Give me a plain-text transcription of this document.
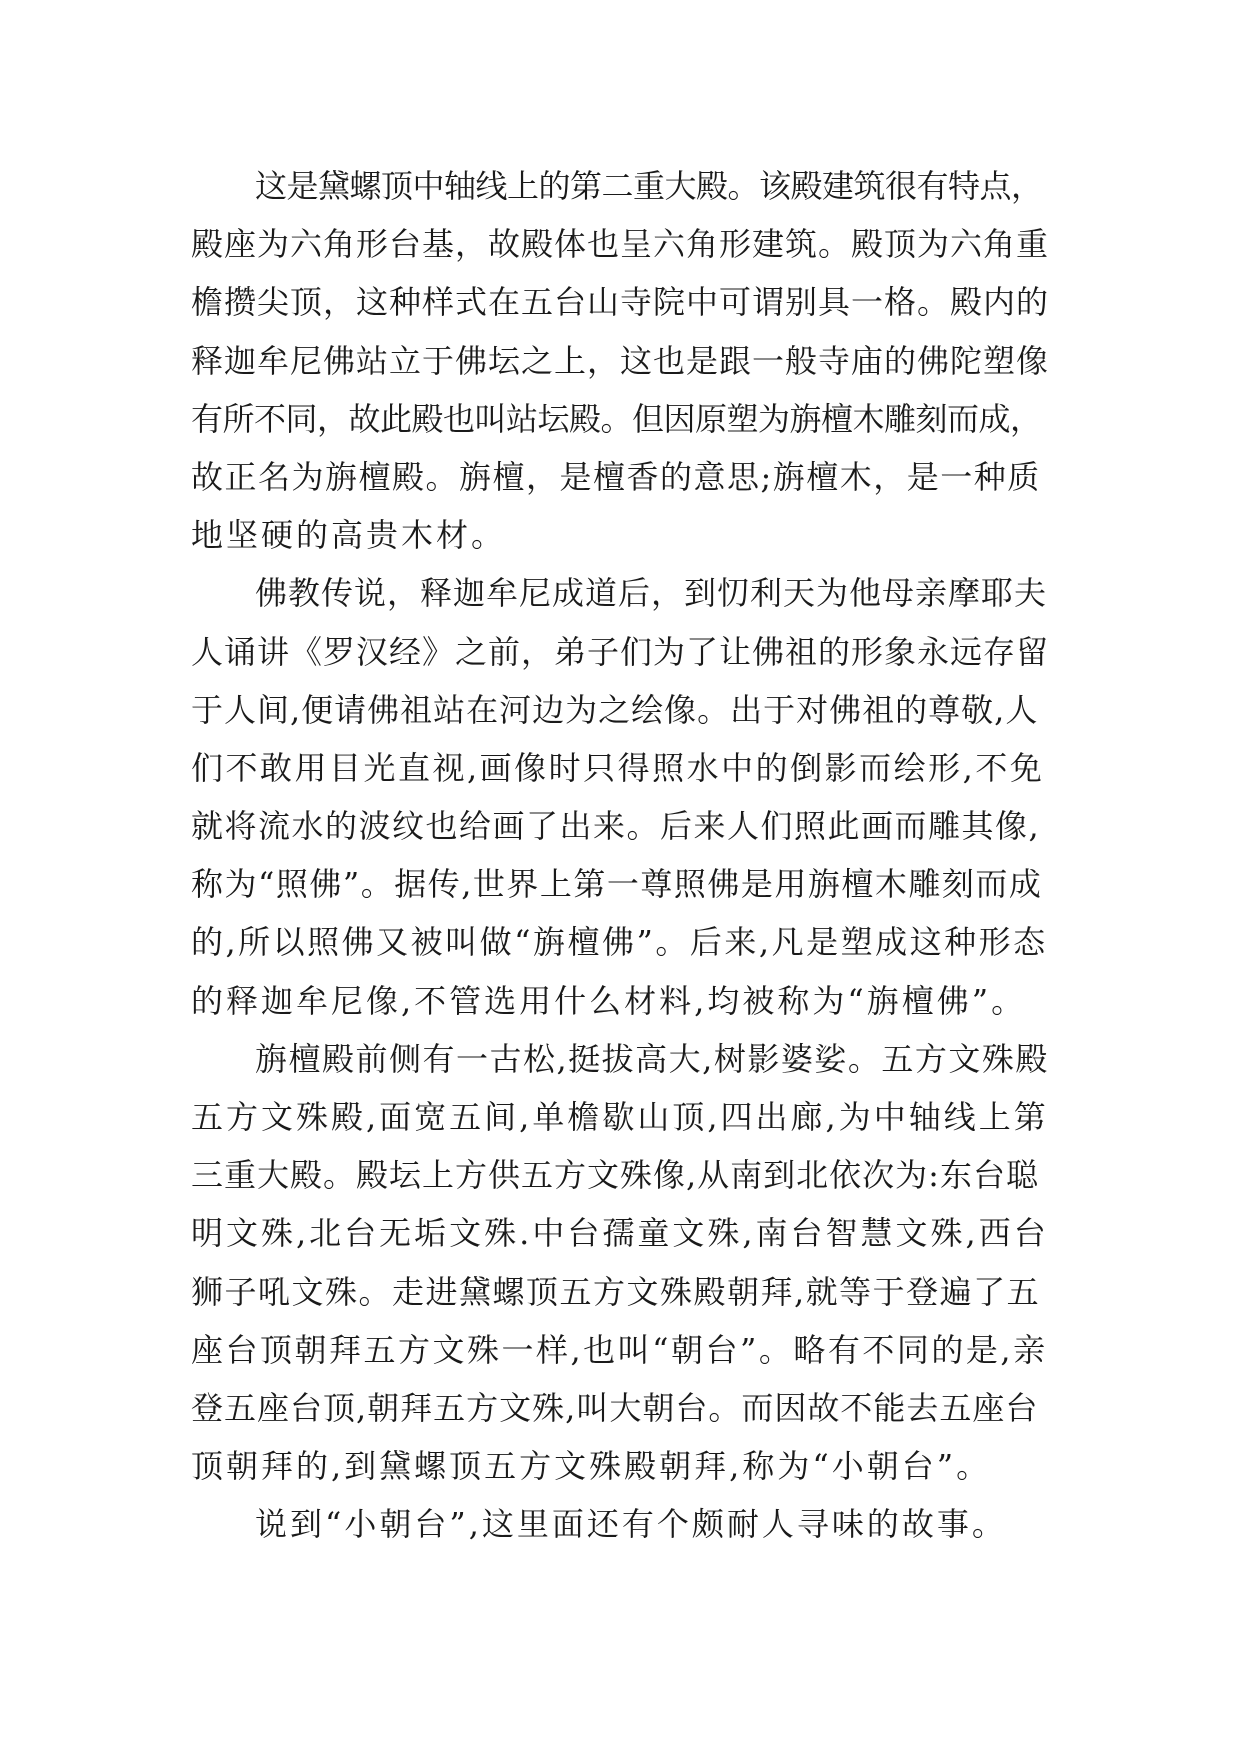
这是黛螺顶中轴线上的第二重大殿。该殿建筑很有特点，
殿座为六角形台基，故殿体也呈六角形建筑。殿顶为六角重
檐攒尖顶，这种样式在五台山寺院中可谓别具一格。殿内的
释迦牟尼佛站立于佛坛之上，这也是跟一般寺庙的佛陀塑像
有所不同，故此殿也叫站坛殿。但因原塑为旃檀木雕刻而成，
故正名为旃檀殿。旃檀，是檀香的意思;旃檀木，是一种质
地坚硬的高贵木材。
佛教传说，释迦牟尼成道后，到忉利天为他母亲摩耶夫
人诵讲《罗汉经》之前，弟子们为了让佛祖的形象永远存留
于人间,便请佛祖站在河边为之绘像。出于对佛祖的尊敬,人
们不敢用目光直视,画像时只得照水中的倒影而绘形,不免
就将流水的波纹也给画了出来。后来人们照此画而雕其像,
称为“照佛”。据传,世界上第一尊照佛是用旃檀木雕刻而成
的,所以照佛又被叫做“旃檀佛”。后来,凡是塑成这种形态
的释迦牟尼像,不管选用什么材料,均被称为“旃檀佛”。
旃檀殿前侧有一古松,挺拔高大,树影婆娑。五方文殊殿
五方文殊殿,面宽五间,单檐歇山顶,四出廊,为中轴线上第
三重大殿。殿坛上方供五方文殊像,从南到北依次为:东台聪
明文殊,北台无垢文殊.中台孺童文殊,南台智慧文殊,西台
狮子吼文殊。走进黛螺顶五方文殊殿朝拜,就等于登遍了五
座台顶朝拜五方文殊一样,也叫“朝台”。略有不同的是,亲
登五座台顶,朝拜五方文殊,叫大朝台。而因故不能去五座台
顶朝拜的,到黛螺顶五方文殊殿朝拜,称为“小朝台”。
说到“小朝台”,这里面还有个颇耐人寻味的故事。
